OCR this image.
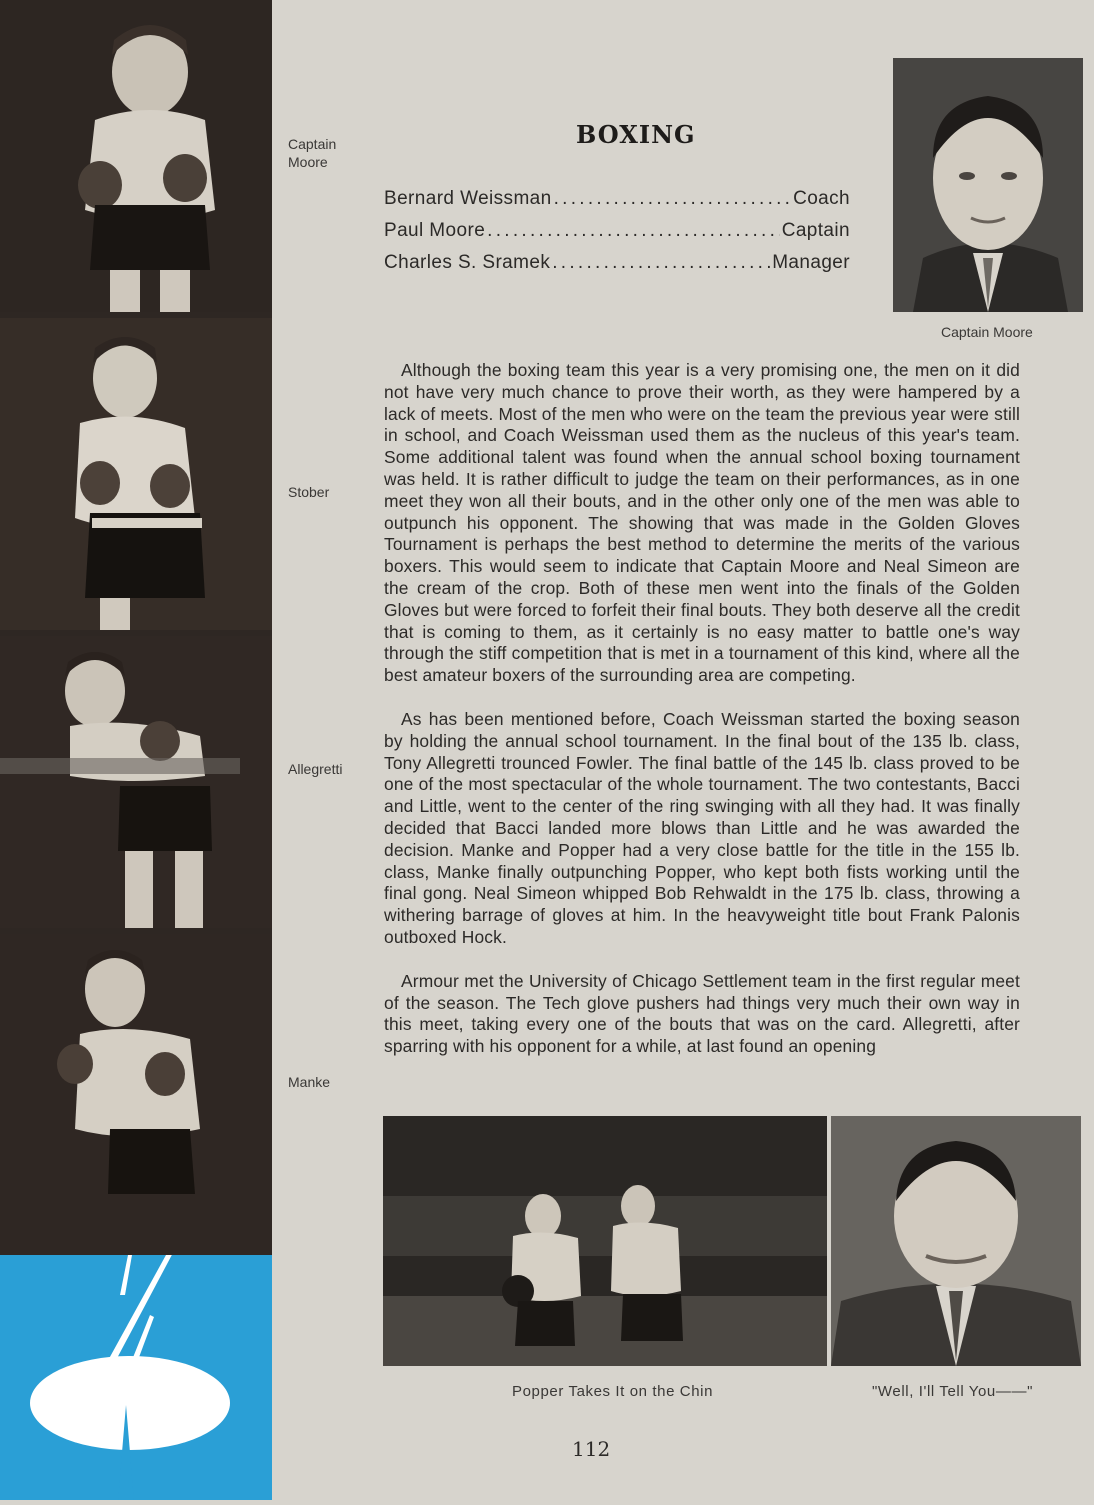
Captain
Moore
Stober
Allegretti
Manke
BOXING
Bernard Weissman . . .	Coach
Paul Moore . . .	Captain
Charles S. Sramek . . .	Manager
Captain Moore

Although the boxing team this year is a very promising one, the men on it did not have very much chance to prove their worth, as they were hampered by a lack of meets. Most of the men who were on the team the previous year were still in school, and Coach Weissman used them as the nucleus of this year's team. Some additional talent was found when the annual school boxing tournament was held. It is rather difficult to judge the team on their performances, as in one meet they won all their bouts, and in the other only one of the men was able to outpunch his opponent. The showing that was made in the Golden Gloves Tournament is perhaps the best method to determine the merits of the various boxers. This would seem to indicate that Captain Moore and Neal Simeon are the cream of the crop. Both of these men went into the finals of the Golden Gloves but were forced to forfeit their final bouts. They both deserve all the credit that is coming to them, as it certainly is no easy matter to battle one's way through the stiff competition that is met in a tournament of this kind, where all the best amateur boxers of the surrounding area are competing.

As has been mentioned before, Coach Weissman started the boxing season by holding the annual school tournament. In the final bout of the 135 lb. class, Tony Allegretti trounced Fowler. The final battle of the 145 lb. class proved to be one of the most spectacular of the whole tournament. The two contestants, Bacci and Little, went to the center of the ring swinging with all they had. It was finally decided that Bacci landed more blows than Little and he was awarded the decision. Manke and Popper had a very close battle for the title in the 155 lb. class, Manke finally outpunching Popper, who kept both fists working until the final gong. Neal Simeon whipped Bob Rehwaldt in the 175 lb. class, throwing a withering barrage of gloves at him. In the heavyweight title bout Frank Palonis outboxed Hock.

Armour met the University of Chicago Settlement team in the first regular meet of the season. The Tech glove pushers had things very much their own way in this meet, taking every one of the bouts that was on the card. Allegretti, after sparring with his opponent for a while, at last found an opening

Popper Takes It on the Chin	"Well, I'll Tell You——"
112
